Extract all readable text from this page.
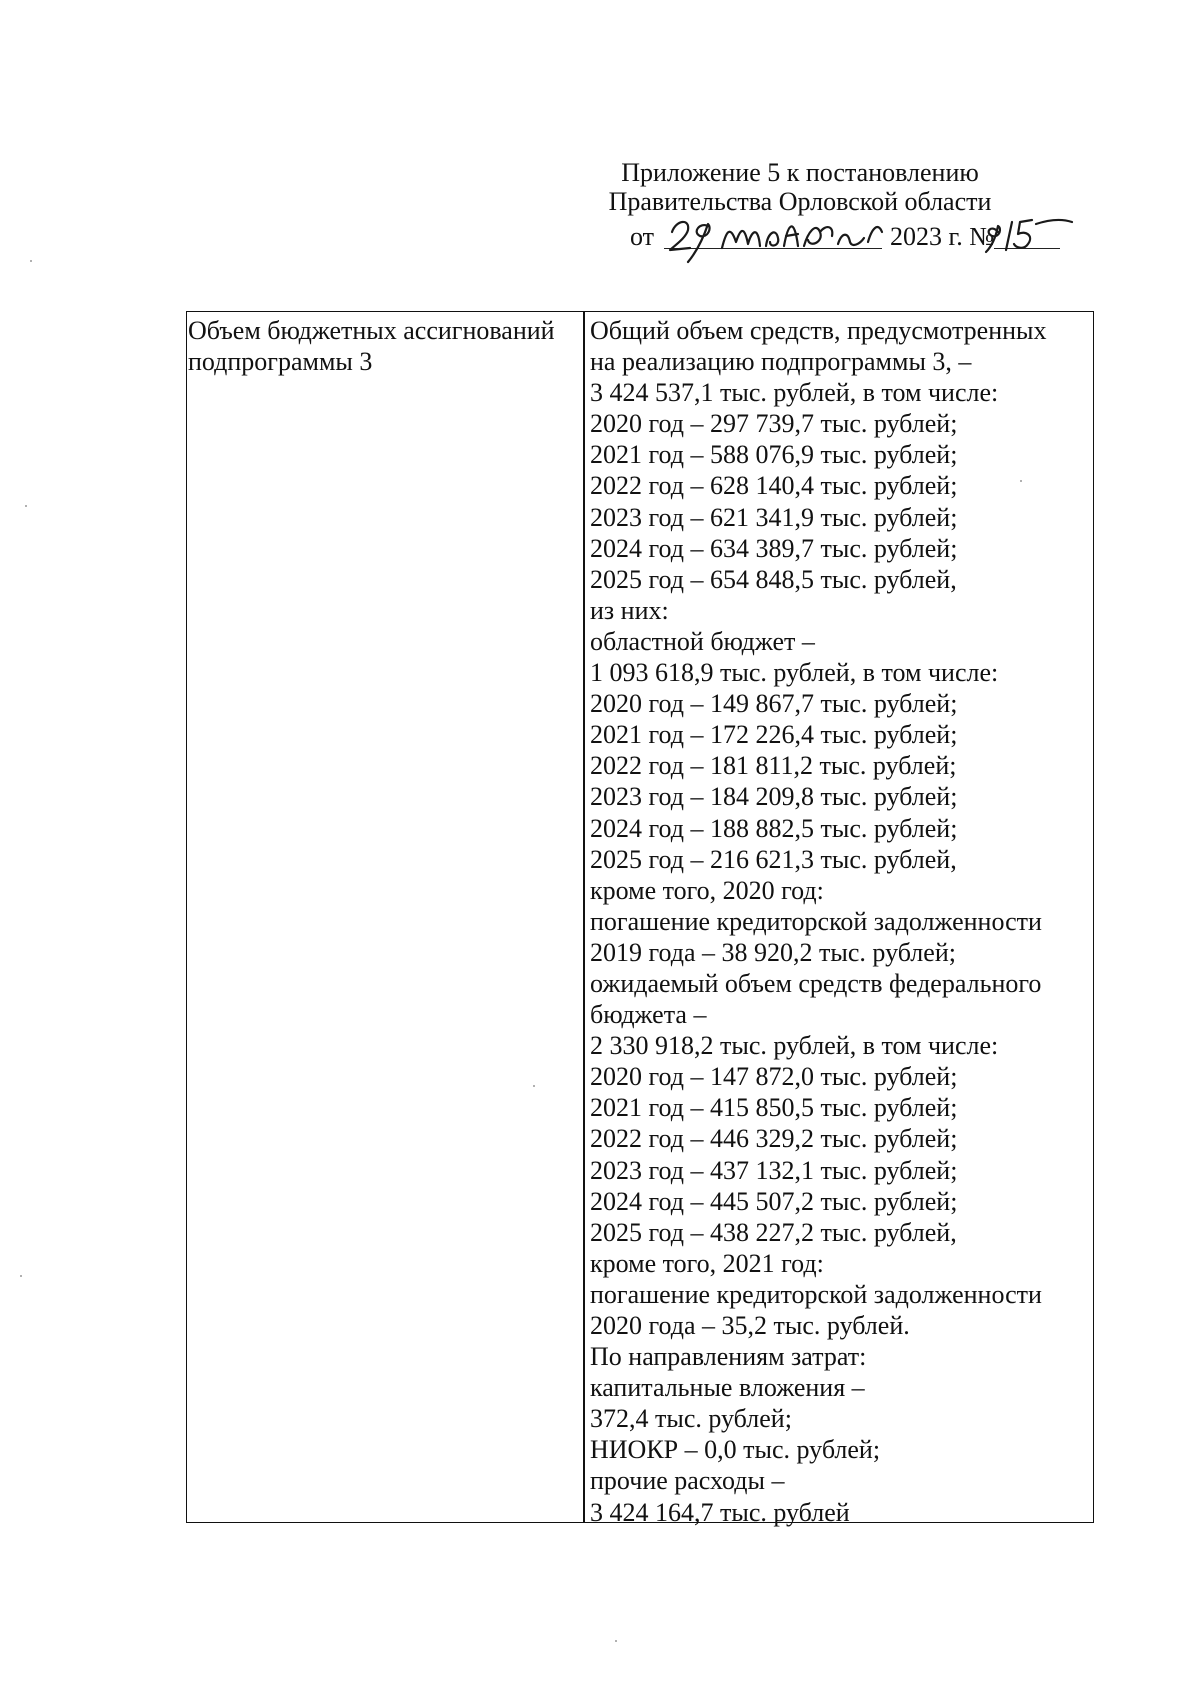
Приложение 5 к постановлению
Правительства Орловской области
от	2023 г. №
Объем бюджетных ассигнований
подпрограммы 3
Общий объем средств, предусмотренных
на реализацию подпрограммы 3, –
3 424 537,1 тыс. рублей, в том числе:
2020 год – 297 739,7 тыс. рублей;
2021 год – 588 076,9 тыс. рублей;
2022 год – 628 140,4 тыс. рублей;
2023 год – 621 341,9 тыс. рублей;
2024 год – 634 389,7 тыс. рублей;
2025 год – 654 848,5 тыс. рублей,
из них:
областной бюджет –
1 093 618,9 тыс. рублей, в том числе:
2020 год – 149 867,7 тыс. рублей;
2021 год – 172 226,4 тыс. рублей;
2022 год – 181 811,2 тыс. рублей;
2023 год – 184 209,8 тыс. рублей;
2024 год – 188 882,5 тыс. рублей;
2025 год – 216 621,3 тыс. рублей,
кроме того, 2020 год:
погашение кредиторской задолженности
2019 года – 38 920,2 тыс. рублей;
ожидаемый объем средств федерального
бюджета –
2 330 918,2 тыс. рублей, в том числе:
2020 год – 147 872,0 тыс. рублей;
2021 год – 415 850,5 тыс. рублей;
2022 год – 446 329,2 тыс. рублей;
2023 год – 437 132,1 тыс. рублей;
2024 год – 445 507,2 тыс. рублей;
2025 год – 438 227,2 тыс. рублей,
кроме того, 2021 год:
погашение кредиторской задолженности
2020 года – 35,2 тыс. рублей.
По направлениям затрат:
капитальные вложения –
372,4 тыс. рублей;
НИОКР – 0,0 тыс. рублей;
прочие расходы –
3 424 164,7 тыс. рублей
